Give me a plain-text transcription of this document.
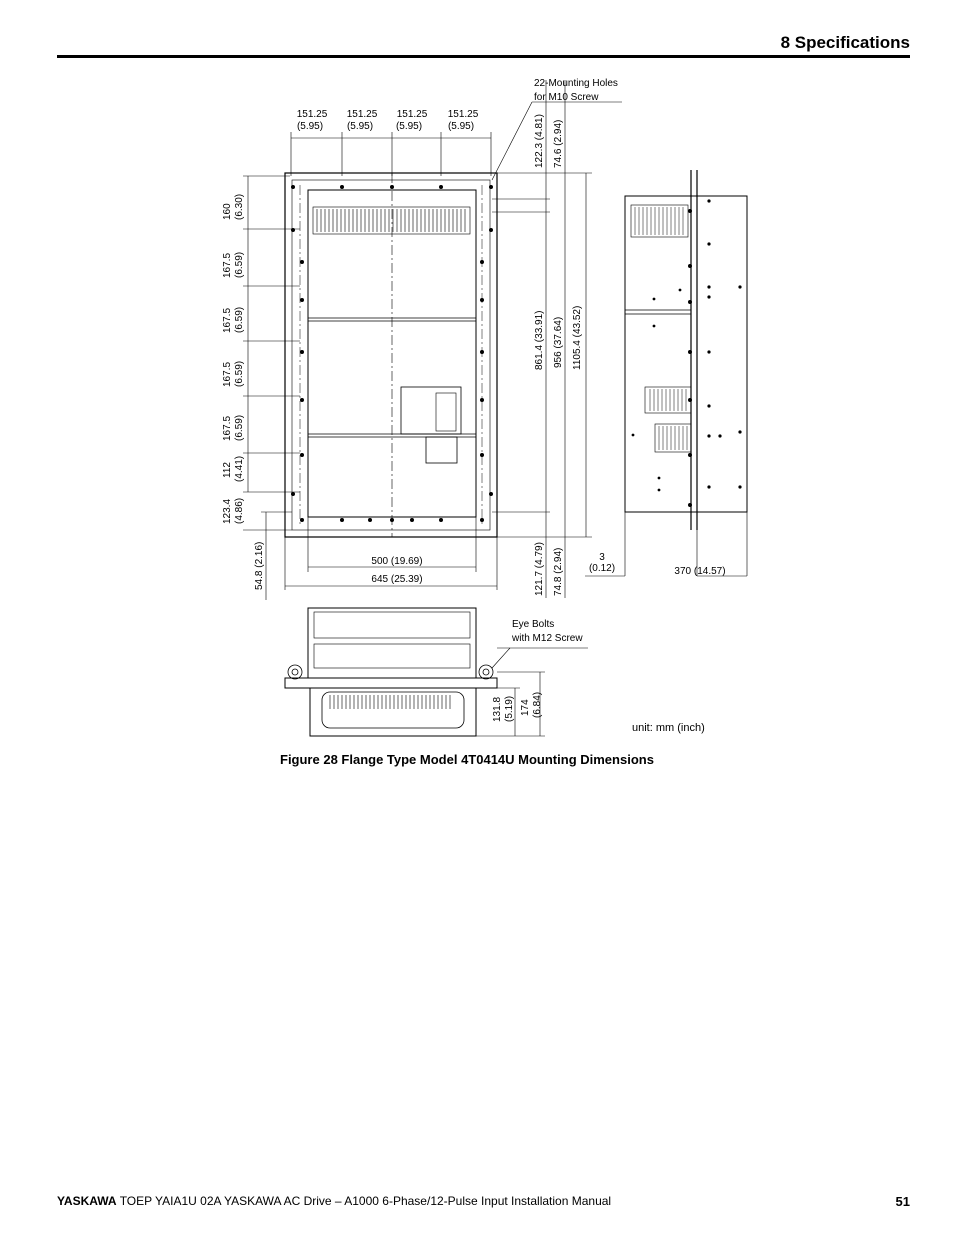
8 Specifications
151.25
(5.95)
151.25
(5.95)
151.25
(5.95)
151.25
(5.95)
22-Mounting Holes
for M10 Screw
160 (6.30)
167.5 (6.59)
167.5 (6.59)
167.5 (6.59)
167.5 (6.59)
112 (4.41)
123.4 (4.86)
54.8 (2.16)
122.3 (4.81) 74.6 (2.94)
861.4 (33.91) 956 (37.64) 1105.4 (43.52)
121.7 (4.79) 74.8 (2.94)
500 (19.69)
645 (25.39)
3
(0.12)	370 (14.57)
Eye Bolts
with M12 Screw
131.8 (5.19) 174 (6.84)
unit: mm (inch)
Figure 28 Flange Type Model 4T0414U Mounting Dimensions
YASKAWA TOEP YAIA1U 02A YASKAWA AC Drive – A1000 6-Phase/12-Pulse Input Installation Manual	51
